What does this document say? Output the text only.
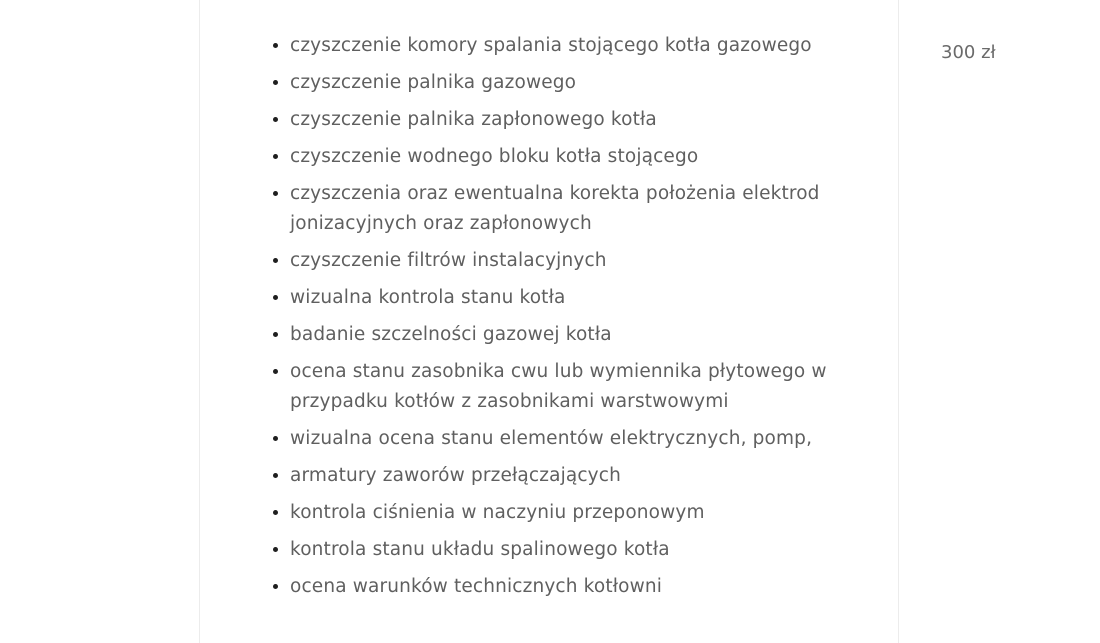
• czyszczenie komory spalania stojącego kotła gazowego
• czyszczenie palnika gazowego
• czyszczenie palnika zapłonowego kotła
• czyszczenie wodnego bloku kotła stojącego
• czyszczenia oraz ewentualna korekta położenia elektrod jonizacyjnych oraz zapłonowych
• czyszczenie filtrów instalacyjnych
• wizualna kontrola stanu kotła
• badanie szczelności gazowej kotła
• ocena stanu zasobnika cwu lub wymiennika płytowego w przypadku kotłów z zasobnikami warstwowymi
• wizualna ocena stanu elementów elektrycznych, pomp,
• armatury zaworów przełączających
• kontrola ciśnienia w naczyniu przeponowym
• kontrola stanu układu spalinowego kotła
• ocena warunków technicznych kotłowni

300 zł
